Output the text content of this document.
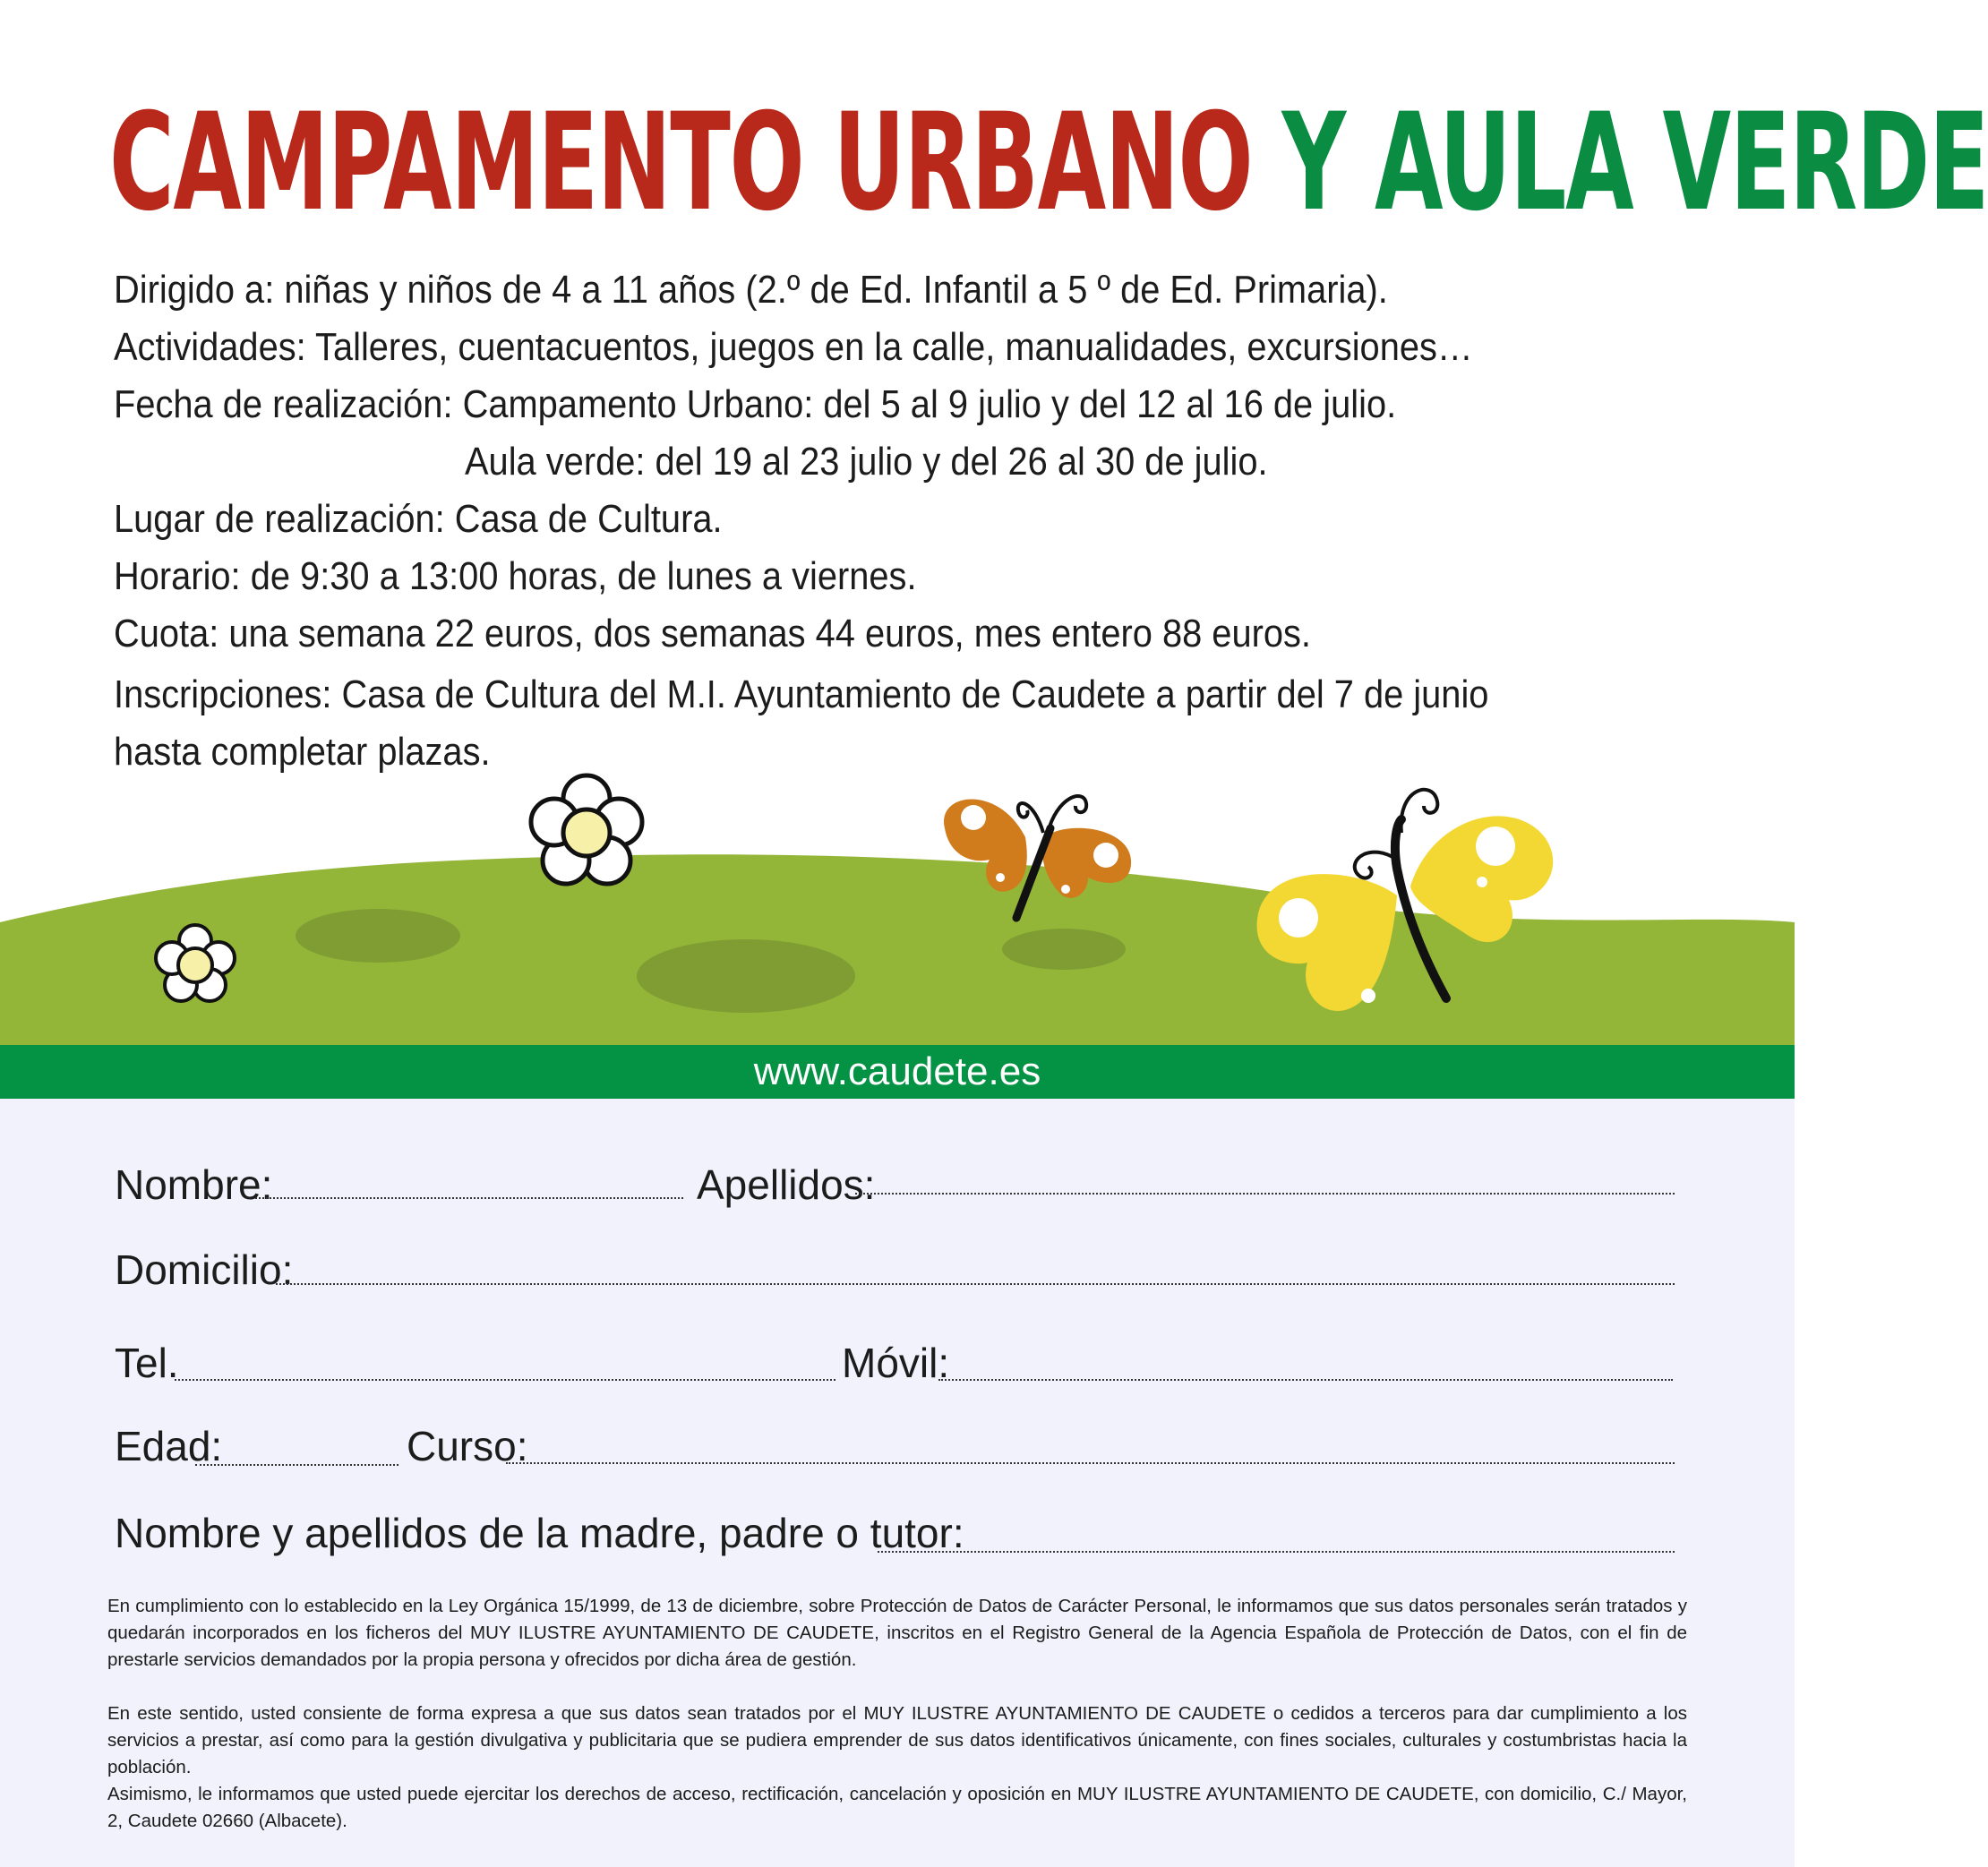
CAMPAMENTO URBANO Y AULA VERDE
Dirigido a: niñas y niños de 4 a 11 años (2.º de Ed. Infantil a 5 º de Ed. Primaria).
Actividades: Talleres, cuentacuentos, juegos en la calle, manualidades, excursiones…
Fecha de realización: Campamento Urbano: del 5 al 9 julio y del 12 al 16 de julio.
Aula verde: del 19 al 23 julio y del 26 al 30 de julio.
Lugar de realización: Casa de Cultura.
Horario: de 9:30 a 13:00 horas, de lunes a viernes.
Cuota: una semana 22 euros, dos semanas 44 euros, mes entero 88 euros.
Inscripciones: Casa de Cultura del M.I. Ayuntamiento de Caudete a partir del 7 de junio
hasta completar plazas.
www.caudete.es
Nombre:	Apellidos:
Domicilio:
Tel.	Móvil:
Edad:	Curso:
Nombre y apellidos de la madre, padre o tutor:
En cumplimiento con lo establecido en la Ley Orgánica 15/1999, de 13 de diciembre, sobre Protección de Datos de Carácter Personal, le informamos que sus datos personales serán tratados y quedarán incorporados en los ficheros del MUY ILUSTRE AYUNTAMIENTO DE CAUDETE, inscritos en el Registro General de la Agencia Española de Protección de Datos, con el fin de prestarle servicios demandados por la propia persona y ofrecidos por dicha área de gestión.
En este sentido, usted consiente de forma expresa a que sus datos sean tratados por el MUY ILUSTRE AYUNTAMIENTO DE CAUDETE o cedidos a terceros para dar cumplimiento a los servicios a prestar, así como para la gestión divulgativa y publicitaria que se pudiera emprender de sus datos identificativos únicamente, con fines sociales, culturales y costumbristas hacia la población.
Asimismo, le informamos que usted puede ejercitar los derechos de acceso, rectificación, cancelación y oposición en MUY ILUSTRE AYUNTAMIENTO DE CAUDETE, con domicilio, C./ Mayor, 2, Caudete 02660 (Albacete).
